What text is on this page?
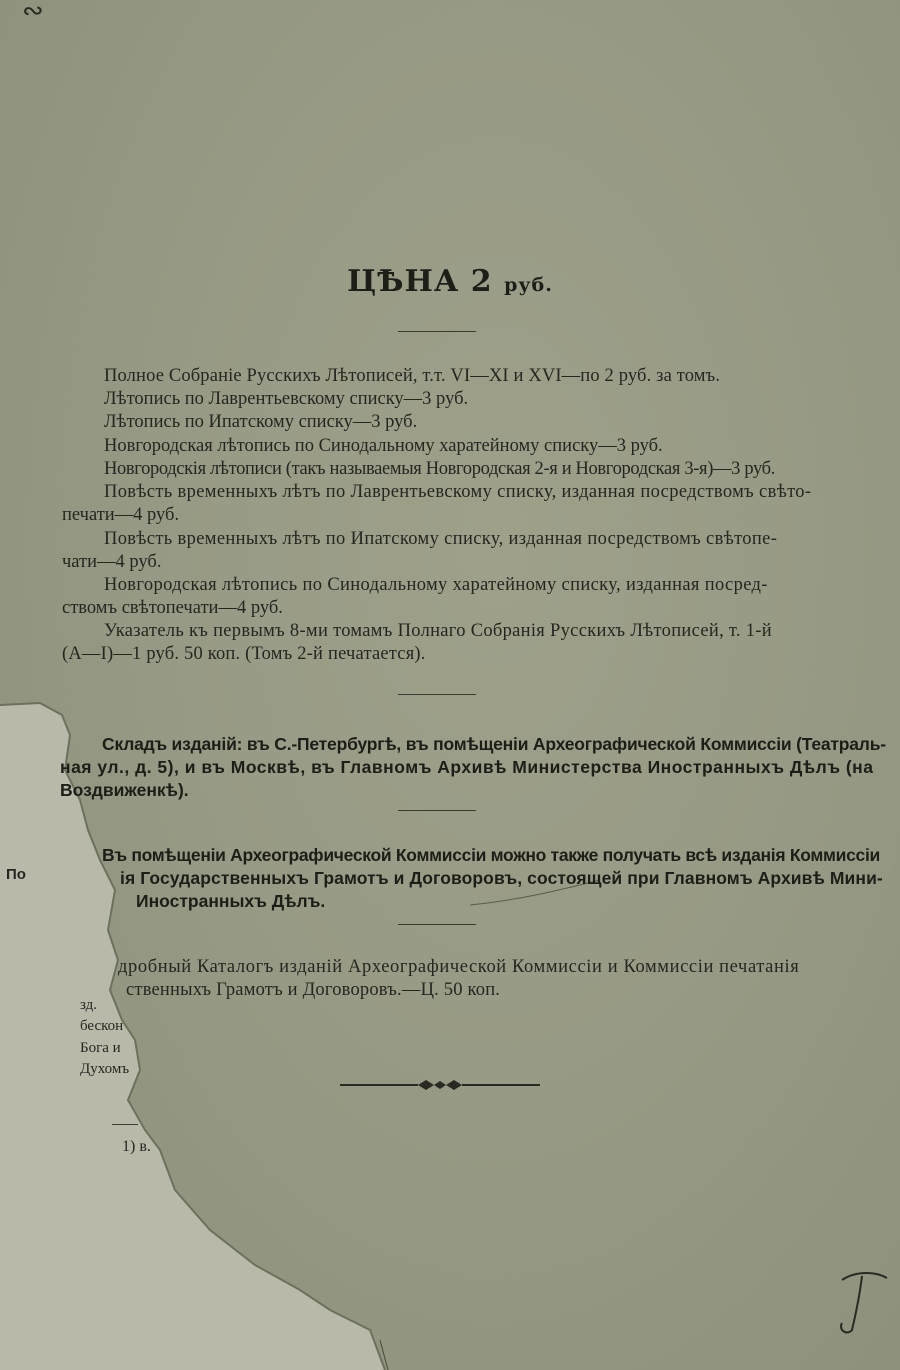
∾
ЦѢНА 2 руб.
Полное Собраніе Русскихъ Лѣтописей, т.т. VI—XI и XVI—по 2 руб. за томъ.
Лѣтопись по Лаврентьевскому списку—3 руб.
Лѣтопись по Ипатскому списку—3 руб.
Новгородская лѣтопись по Синодальному харатейному списку—3 руб.
Новгородскія лѣтописи (такъ называемыя Новгородская 2-я и Новгородская 3-я)—3 руб.
Повѣсть временныхъ лѣтъ по Лаврентьевскому списку, изданная посредствомъ свѣто-
печати—4 руб.
Повѣсть временныхъ лѣтъ по Ипатскому списку, изданная посредствомъ свѣтопе-
чати—4 руб.
Новгородская лѣтопись по Синодальному харатейному списку, изданная посред-
ствомъ свѣтопечати—4 руб.
Указатель къ первымъ 8-ми томамъ Полнаго Собранія Русскихъ Лѣтописей, т. 1-й
(А—I)—1 руб. 50 коп. (Томъ 2-й печатается).
Складъ изданій: въ С.-Петербургѣ, въ помѣщеніи Археографической Коммиссіи (Театраль-
ная ул., д. 5), и въ Москвѣ, въ Главномъ Архивѣ Министерства Иностранныхъ Дѣлъ (на
Воздвиженкѣ).
По
Въ помѣщеніи Археографической Коммиссіи можно также получать всѣ изданія Коммиссіи
ія Государственныхъ Грамотъ и Договоровъ, состоящей при Главномъ Архивѣ Мини-
Иностранныхъ Дѣлъ.
дробный Каталогъ изданій Археографической Коммиссіи и Коммиссіи печатанія
ственныхъ Грамотъ и Договоровъ.—Ц. 50 коп.
зд.
бескон
Бога и
Духомъ
1) в.
